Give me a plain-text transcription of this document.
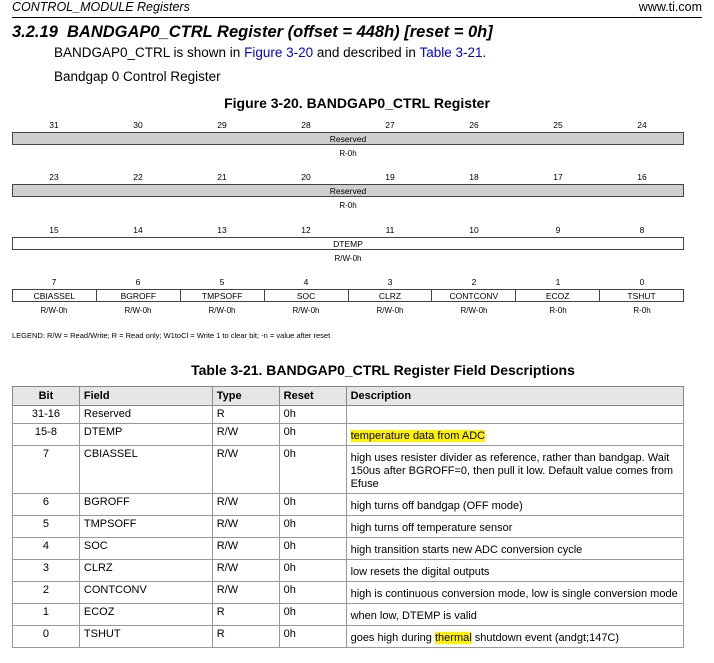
CONTROL_MODULE Registers	www.ti.com
3.2.19 BANDGAP0_CTRL Register (offset = 448h) [reset = 0h]
BANDGAP0_CTRL is shown in Figure 3-20 and described in Table 3-21.
Bandgap 0 Control Register
Figure 3-20. BANDGAP0_CTRL Register
31	30	29	28	27	26	25	24
Reserved
R-0h
23	22	21	20	19	18	17	16
Reserved
R-0h
15	14	13	12	11	10	9	8
DTEMP
R/W-0h
7	6	5	4	3	2	1	0
CBIASSEL	BGROFF	TMPSOFF	SOC	CLRZ	CONTCONV	ECOZ	TSHUT
R/W-0h	R/W-0h	R/W-0h	R/W-0h	R/W-0h	R/W-0h	R-0h	R-0h
LEGEND: R/W = Read/Write; R = Read only; W1toCl = Write 1 to clear bit; -n = value after reset
Table 3-21. BANDGAP0_CTRL Register Field Descriptions
Bit	Field	Type	Reset	Description
31-16	Reserved	R	0h	
15-8	DTEMP	R/W	0h	temperature data from ADC
7	CBIASSEL	R/W	0h	high uses resister divider as reference, rather than bandgap. Wait 150us after BGROFF=0, then pull it low. Default value comes from Efuse
6	BGROFF	R/W	0h	high turns off bandgap (OFF mode)
5	TMPSOFF	R/W	0h	high turns off temperature sensor
4	SOC	R/W	0h	high transition starts new ADC conversion cycle
3	CLRZ	R/W	0h	low resets the digital outputs
2	CONTCONV	R/W	0h	high is continuous conversion mode, low is single conversion mode
1	ECOZ	R	0h	when low, DTEMP is valid
0	TSHUT	R	0h	goes high during thermal shutdown event (andgt;147C)
